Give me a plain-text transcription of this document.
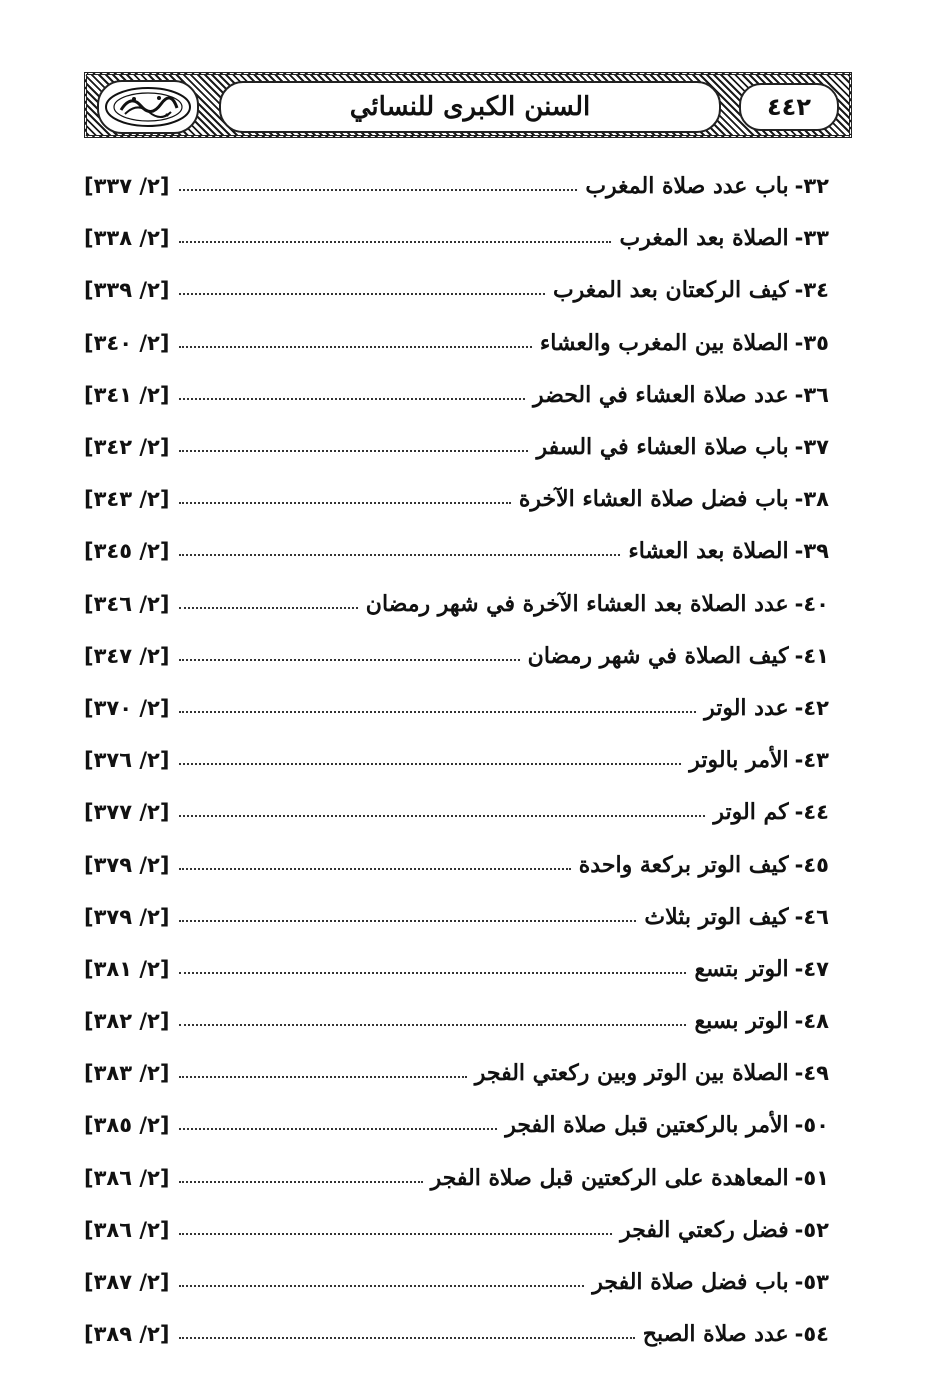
السنن الكبرى للنسائي	٤٤٢
٣٢-
باب عدد صلاة المغرب
[٢/ ٣٣٧]
٣٣-
الصلاة بعد المغرب
[٢/ ٣٣٨]
٣٤-
كيف الركعتان بعد المغرب
[٢/ ٣٣٩]
٣٥-
الصلاة بين المغرب والعشاء
[٢/ ٣٤٠]
٣٦-
عدد صلاة العشاء في الحضر
[٢/ ٣٤١]
٣٧-
باب صلاة العشاء في السفر
[٢/ ٣٤٢]
٣٨-
باب فضل صلاة العشاء الآخرة
[٢/ ٣٤٣]
٣٩-
الصلاة بعد العشاء
[٢/ ٣٤٥]
٤٠-
عدد الصلاة بعد العشاء الآخرة في شهر رمضان
[٢/ ٣٤٦]
٤١-
كيف الصلاة في شهر رمضان
[٢/ ٣٤٧]
٤٢-
عدد الوتر
[٢/ ٣٧٠]
٤٣-
الأمر بالوتر
[٢/ ٣٧٦]
٤٤-
كم الوتر
[٢/ ٣٧٧]
٤٥-
كيف الوتر بركعة واحدة
[٢/ ٣٧٩]
٤٦-
كيف الوتر بثلاث
[٢/ ٣٧٩]
٤٧-
الوتر بتسع
[٢/ ٣٨١]
٤٨-
الوتر بسبع
[٢/ ٣٨٢]
٤٩-
الصلاة بين الوتر وبين ركعتي الفجر
[٢/ ٣٨٣]
٥٠-
الأمر بالركعتين قبل صلاة الفجر
[٢/ ٣٨٥]
٥١-
المعاهدة على الركعتين قبل صلاة الفجر
[٢/ ٣٨٦]
٥٢-
فضل ركعتي الفجر
[٢/ ٣٨٦]
٥٣-
باب فضل صلاة الفجر
[٢/ ٣٨٧]
٥٤-
عدد صلاة الصبح
[٢/ ٣٨٩]
